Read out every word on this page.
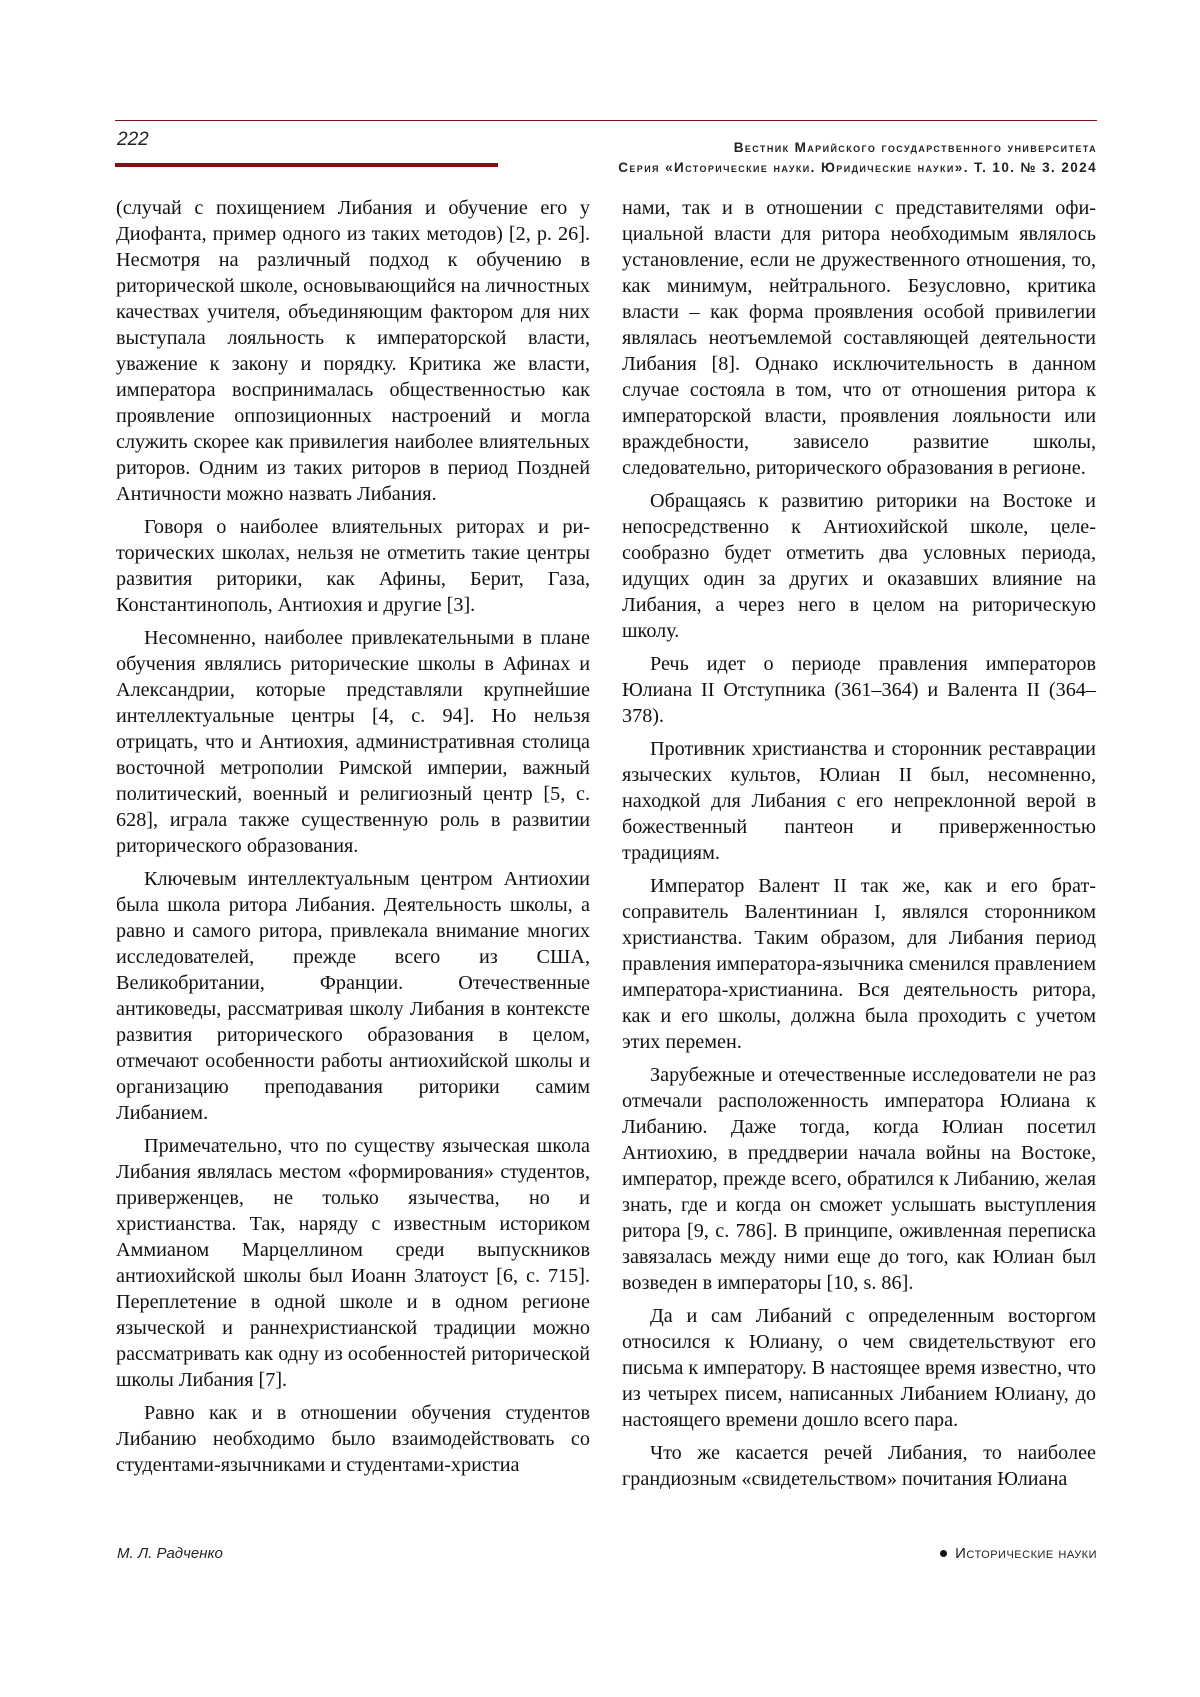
222	Вестник Марийского государственного университета
Серия «Исторические науки. Юридические науки». Т. 10. № 3. 2024

(случай с похищением Либания и обучение его у Диофанта, пример одного из таких методов) [2, р. 26]. Несмотря на различный подход к обучению в риторической школе, основывающийся на личностных качествах учителя, объединяющим фактором для них выступала лояльность к императорской власти, уважение к закону и порядку. Критика же власти, императора воспринималась общественностью как проявление оппозиционных настроений и могла служить скорее как привилегия наиболее влиятельных риторов. Одним из таких риторов в период Поздней Античности можно назвать Либания.

Говоря о наиболее влиятельных риторах и риторических школах, нельзя не отметить такие центры развития риторики, как Афины, Берит, Газа, Константинополь, Антиохия и другие [3].

Несомненно, наиболее привлекательными в плане обучения являлись риторические школы в Афинах и Александрии, которые представляли крупнейшие интеллектуальные центры [4, с. 94]. Но нельзя отрицать, что и Антиохия, административная столица восточной метрополии Римской империи, важный политический, военный и религиозный центр [5, с. 628], играла также существенную роль в развитии риторического образования.

Ключевым интеллектуальным центром Антиохии была школа ритора Либания. Деятельность школы, а равно и самого ритора, привлекала внимание многих исследователей, прежде всего из США, Великобритании, Франции. Отечественные антиковеды, рассматривая школу Либания в контексте развития риторического образования в целом, отмечают особенности работы антиохийской школы и организацию преподавания риторики самим Либанием.

Примечательно, что по существу языческая школа Либания являлась местом «формирования» студентов, приверженцев, не только язычества, но и христианства. Так, наряду с известным историком Аммианом Марцеллином среди выпускников антиохийской школы был Иоанн Златоуст [6, с. 715]. Переплетение в одной школе и в одном регионе языческой и раннехристианской традиции можно рассматривать как одну из особенностей риторической школы Либания [7].

Равно как и в отношении обучения студентов Либанию необходимо было взаимодействовать со студентами-язычниками и студентами-христиа

нами, так и в отношении с представителями официальной власти для ритора необходимым являлось установление, если не дружественного отношения, то, как минимум, нейтрального. Безусловно, критика власти – как форма проявления особой привилегии являлась неотъемлемой составляющей деятельности Либания [8]. Однако исключительность в данном случае состояла в том, что от отношения ритора к императорской власти, проявления лояльности или враждебности, зависело развитие школы, следовательно, риторического образования в регионе.

Обращаясь к развитию риторики на Востоке и непосредственно к Антиохийской школе, целесообразно будет отметить два условных периода, идущих один за других и оказавших влияние на Либания, а через него в целом на риторическую школу.

Речь идет о периоде правления императоров Юлиана II Отступника (361–364) и Валента II (364–378).

Противник христианства и сторонник реставрации языческих культов, Юлиан II был, несомненно, находкой для Либания с его непреклонной верой в божественный пантеон и приверженностью традициям.

Император Валент II так же, как и его брат-соправитель Валентиниан I, являлся сторонником христианства. Таким образом, для Либания период правления императора-язычника сменился правлением императора-христианина. Вся деятельность ритора, как и его школы, должна была проходить с учетом этих перемен.

Зарубежные и отечественные исследователи не раз отмечали расположенность императора Юлиана к Либанию. Даже тогда, когда Юлиан посетил Антиохию, в преддверии начала войны на Востоке, император, прежде всего, обратился к Либанию, желая знать, где и когда он сможет услышать выступления ритора [9, с. 786]. В принципе, оживленная переписка завязалась между ними еще до того, как Юлиан был возведен в императоры [10, s. 86].

Да и сам Либаний с определенным восторгом относился к Юлиану, о чем свидетельствуют его письма к императору. В настоящее время известно, что из четырех писем, написанных Либанием Юлиану, до настоящего времени дошло всего пара.

Что же касается речей Либания, то наиболее грандиозным «свидетельством» почитания Юлиана

М. Л. Радченко	Исторические науки
